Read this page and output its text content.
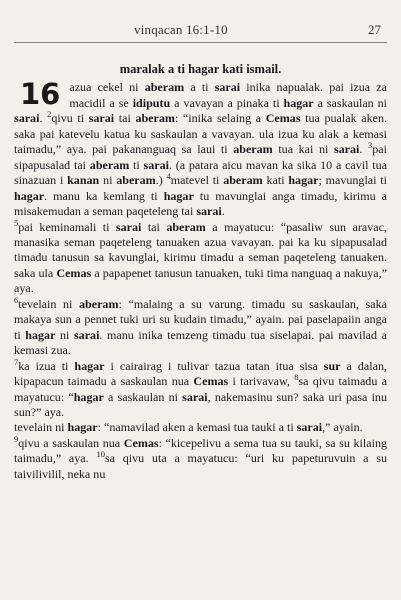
vinqacan 16:1-10	27
maralak a ti hagar kati ismail.
16 azua cekel ni aberam a ti sarai inika napualak. pai izua za macidil a se idiputu a vavayan a pinaka ti hagar a saskaulan ni sarai. $^2$qivu ti sarai tai aberam: “inika selaing a Cemas tua pualak aken. saka pai katevelu katua ku saskaulan a vavayan. ula izua ku alak a kemasi taimadu,” aya. pai pakananguaq sa laui ti aberam tua kai ni sarai. $^3$pai sipapusalad tai aberam ti sarai. (a patara aicu mavan ka sika 10 a cavil tua sinazuan i kanan ni aberam.) $^4$matevel ti aberam kati hagar; mavunglai ti hagar. manu ka kemlang ti hagar tu mavunglai anga timadu, kirimu a misakemudan a seman paqeteleng tai sarai.

$^5$pai keminamali ti sarai tai aberam a mayatucu: “pasaliw sun aravac, manasika seman paqeteleng tanuaken azua vavayan. pai ka ku sipapusalad timadu tanusun sa kavunglai, kirimu timadu a seman paqeteleng tanuaken. saka ula Cemas a papapenet tanusun tanuaken, tuki tima nanguaq a nakuya,” aya.

$^6$tevelain ni aberam: “malaing a su varung. timadu su saskaulan, saka makaya sun a pennet tuki uri su kudain timadu,” ayain. pai paselapaiin anga ti hagar ni sarai. manu inika temzeng timadu tua siselapai. pai mavilad a kemasi zua.

$^7$ka izua ti hagar i cairairag i tulivar tazua tatan itua sisa sur a dalan, kipapacun taimadu a saskaulan nua Cemas i tarivavaw, $^8$sa qivu taimadu a mayatucu: “hagar a saskaulan ni sarai, nakemasinu sun? saka uri pasa inu sun?” aya.

tevelain ni hagar: “namavilad aken a kemasi tua tauki a ti sarai,” ayain.

$^9$qivu a saskaulan nua Cemas: “kicepelivu a sema tua su tauki, sa su kilaing taimadu,” aya. $^{10}$sa qivu uta a mayatucu: “uri ku papeturuvuin a su taivilivilil, neka nu
